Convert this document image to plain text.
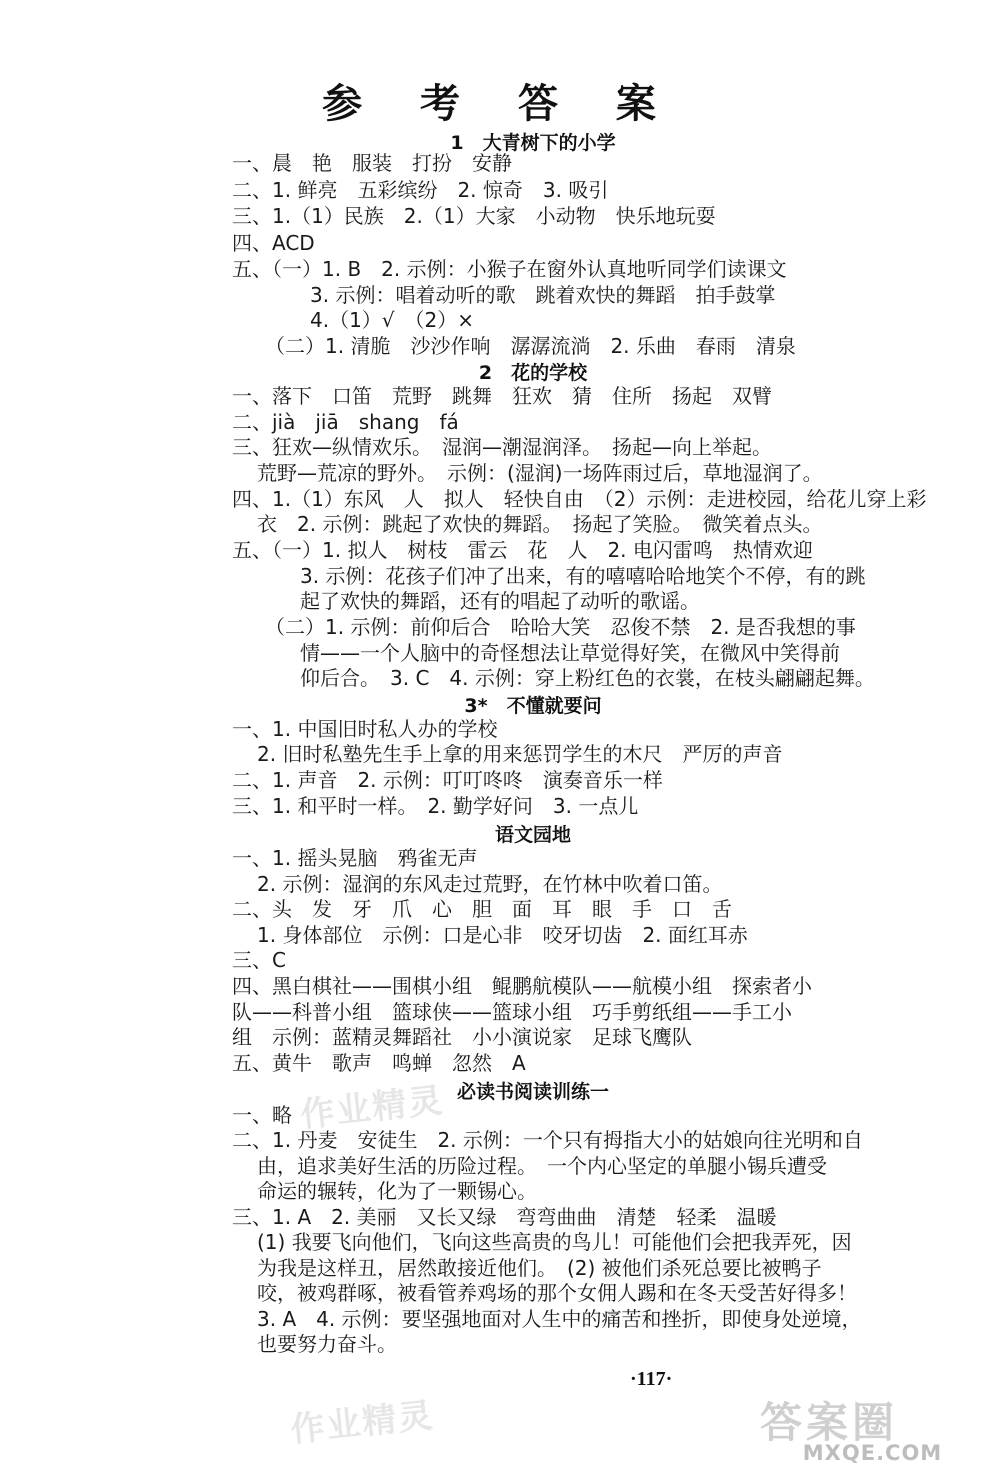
参 考 答 案
1　大青树下的小学
一、晨　艳　服装　打扮　安静
二、1. 鲜亮　五彩缤纷　2. 惊奇　3. 吸引
三、1.（1）民族　2.（1）大家　小动物　快乐地玩耍
四、ACD
五、（一）1. B　2. 示例：小猴子在窗外认真地听同学们读课文
3. 示例：唱着动听的歌　跳着欢快的舞蹈　拍手鼓掌
4.（1）√　（2）×
（二）1. 清脆　沙沙作响　潺潺流淌　2. 乐曲　春雨　清泉
2　花的学校
一、落下　口笛　荒野　跳舞　狂欢　猜　住所　扬起　双臂
二、jià　jiā　shang　fá
三、狂欢—纵情欢乐。　湿润—潮湿润泽。　扬起—向上举起。
荒野—荒凉的野外。　示例：(湿润)一场阵雨过后，草地湿润了。
四、1.（1）东风　人　拟人　轻快自由　（2）示例：走进校园，给花儿穿上彩
衣　2. 示例：跳起了欢快的舞蹈。　扬起了笑脸。　微笑着点头。
五、（一）1. 拟人　树枝　雷云　花　人　2. 电闪雷鸣　热情欢迎
3. 示例：花孩子们冲了出来，有的嘻嘻哈哈地笑个不停，有的跳
起了欢快的舞蹈，还有的唱起了动听的歌谣。
（二）1. 示例：前仰后合　哈哈大笑　忍俊不禁　2. 是否我想的事
情——一个人脑中的奇怪想法让草觉得好笑，在微风中笑得前
仰后合。　3. C　4. 示例：穿上粉红色的衣裳，在枝头翩翩起舞。
3*　不懂就要问
一、1. 中国旧时私人办的学校
2. 旧时私塾先生手上拿的用来惩罚学生的木尺　严厉的声音
二、1. 声音　2. 示例：叮叮咚咚　演奏音乐一样
三、1. 和平时一样。　2. 勤学好问　3. 一点儿
语文园地
一、1. 摇头晃脑　鸦雀无声
2. 示例：湿润的东风走过荒野，在竹林中吹着口笛。
二、头　发　牙　爪　心　胆　面　耳　眼　手　口　舌
1. 身体部位　示例：口是心非　咬牙切齿　2. 面红耳赤
三、C
四、黑白棋社——围棋小组　鲲鹏航模队——航模小组　探索者小
队——科普小组　篮球侠——篮球小组　巧手剪纸组——手工小
组　示例：蓝精灵舞蹈社　小小演说家　足球飞鹰队
五、黄牛　歌声　鸣蝉　忽然　A
必读书阅读训练一
一、略
二、1. 丹麦　安徒生　2. 示例：一个只有拇指大小的姑娘向往光明和自
由，追求美好生活的历险过程。　一个内心坚定的单腿小锡兵遭受
命运的辗转，化为了一颗锡心。
三、1. A　2. 美丽　又长又绿　弯弯曲曲　清楚　轻柔　温暖
(1) 我要飞向他们，飞向这些高贵的鸟儿！可能他们会把我弄死，因
为我是这样丑，居然敢接近他们。　(2) 被他们杀死总要比被鸭子
咬，被鸡群啄，被看管养鸡场的那个女佣人踢和在冬天受苦好得多！
3. A　4. 示例：要坚强地面对人生中的痛苦和挫折，即使身处逆境，
也要努力奋斗。
·117·
作业精灵
作业精灵	答案圈
MXQE.COM
